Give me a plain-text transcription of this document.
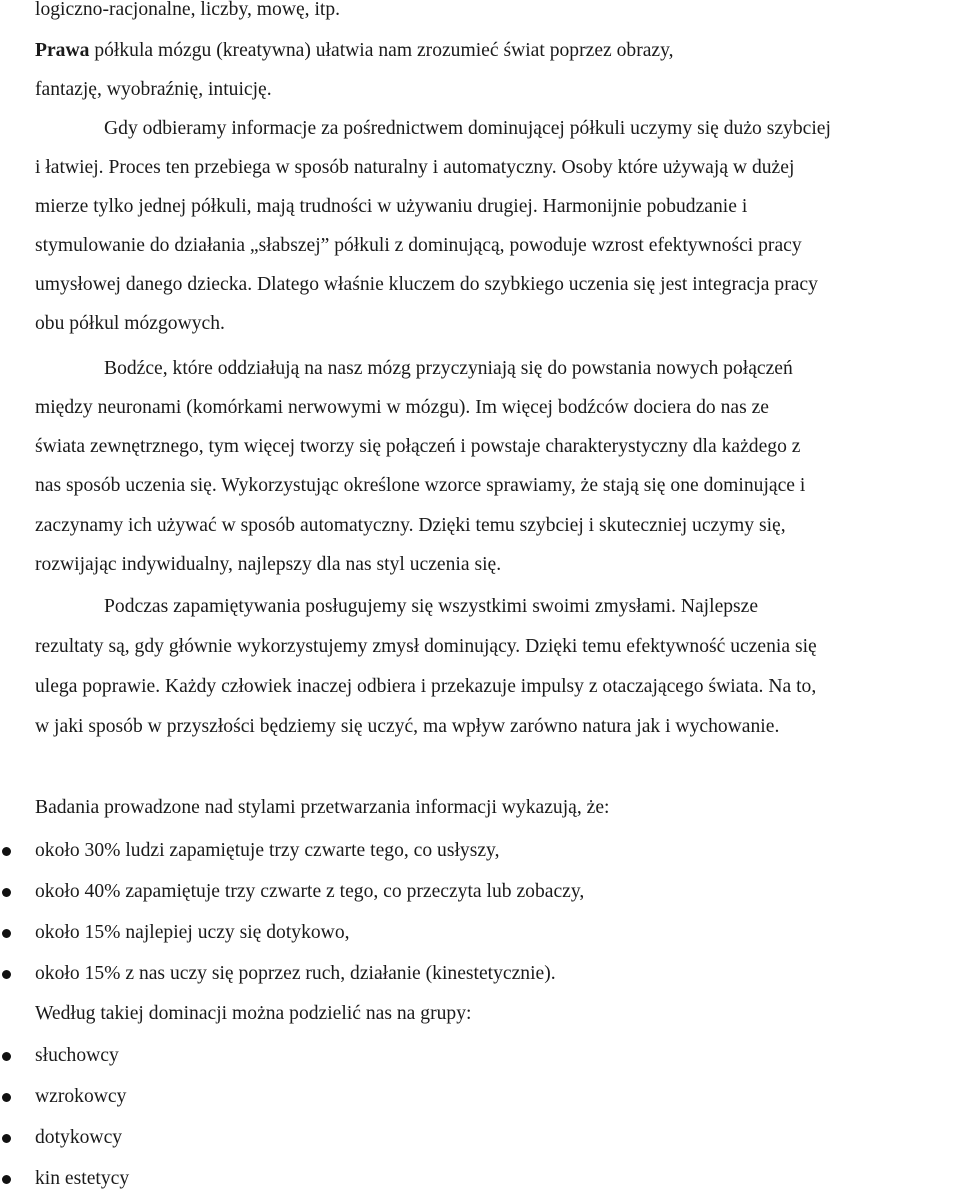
logiczno-racjonalne, liczby, mowę, itp.
Prawa półkula mózgu (kreatywna) ułatwia nam zrozumieć świat poprzez obrazy,
fantazję, wyobraźnię, intuicję.
Gdy odbieramy informacje za pośrednictwem dominującej półkuli uczymy się dużo szybciej
i łatwiej. Proces ten przebiega w sposób naturalny i automatyczny. Osoby które używają w dużej
mierze tylko jednej półkuli, mają trudności w używaniu drugiej. Harmonijnie pobudzanie i
stymulowanie do działania „słabszej” półkuli z dominującą, powoduje wzrost efektywności pracy
umysłowej danego dziecka. Dlatego właśnie kluczem do szybkiego uczenia się jest integracja pracy
obu półkul mózgowych.
Bodźce, które oddziałują na nasz mózg przyczyniają się do powstania nowych połączeń
między neuronami (komórkami nerwowymi w mózgu). Im więcej bodźców dociera do nas ze
świata zewnętrznego, tym więcej tworzy się połączeń i powstaje charakterystyczny dla każdego z
nas sposób uczenia się. Wykorzystując określone wzorce sprawiamy, że stają się one dominujące i
zaczynamy ich używać w sposób automatyczny. Dzięki temu szybciej i skuteczniej uczymy się,
rozwijając indywidualny, najlepszy dla nas styl uczenia się.
Podczas zapamiętywania posługujemy się wszystkimi swoimi zmysłami. Najlepsze
rezultaty są, gdy głównie wykorzystujemy zmysł dominujący. Dzięki temu efektywność uczenia się
ulega poprawie. Każdy człowiek inaczej odbiera i przekazuje impulsy z otaczającego świata. Na to,
w jaki sposób w przyszłości będziemy się uczyć, ma wpływ zarówno natura jak i wychowanie.
Badania prowadzone nad stylami przetwarzania informacji wykazują, że:
około 30% ludzi zapamiętuje trzy czwarte tego, co usłyszy,
około 40% zapamiętuje trzy czwarte z tego, co przeczyta lub zobaczy,
około 15% najlepiej uczy się dotykowo,
około 15% z nas uczy się poprzez ruch, działanie (kinestetycznie).
Według takiej dominacji można podzielić nas na grupy:
słuchowcy
wzrokowcy
dotykowcy
kin estetycy
